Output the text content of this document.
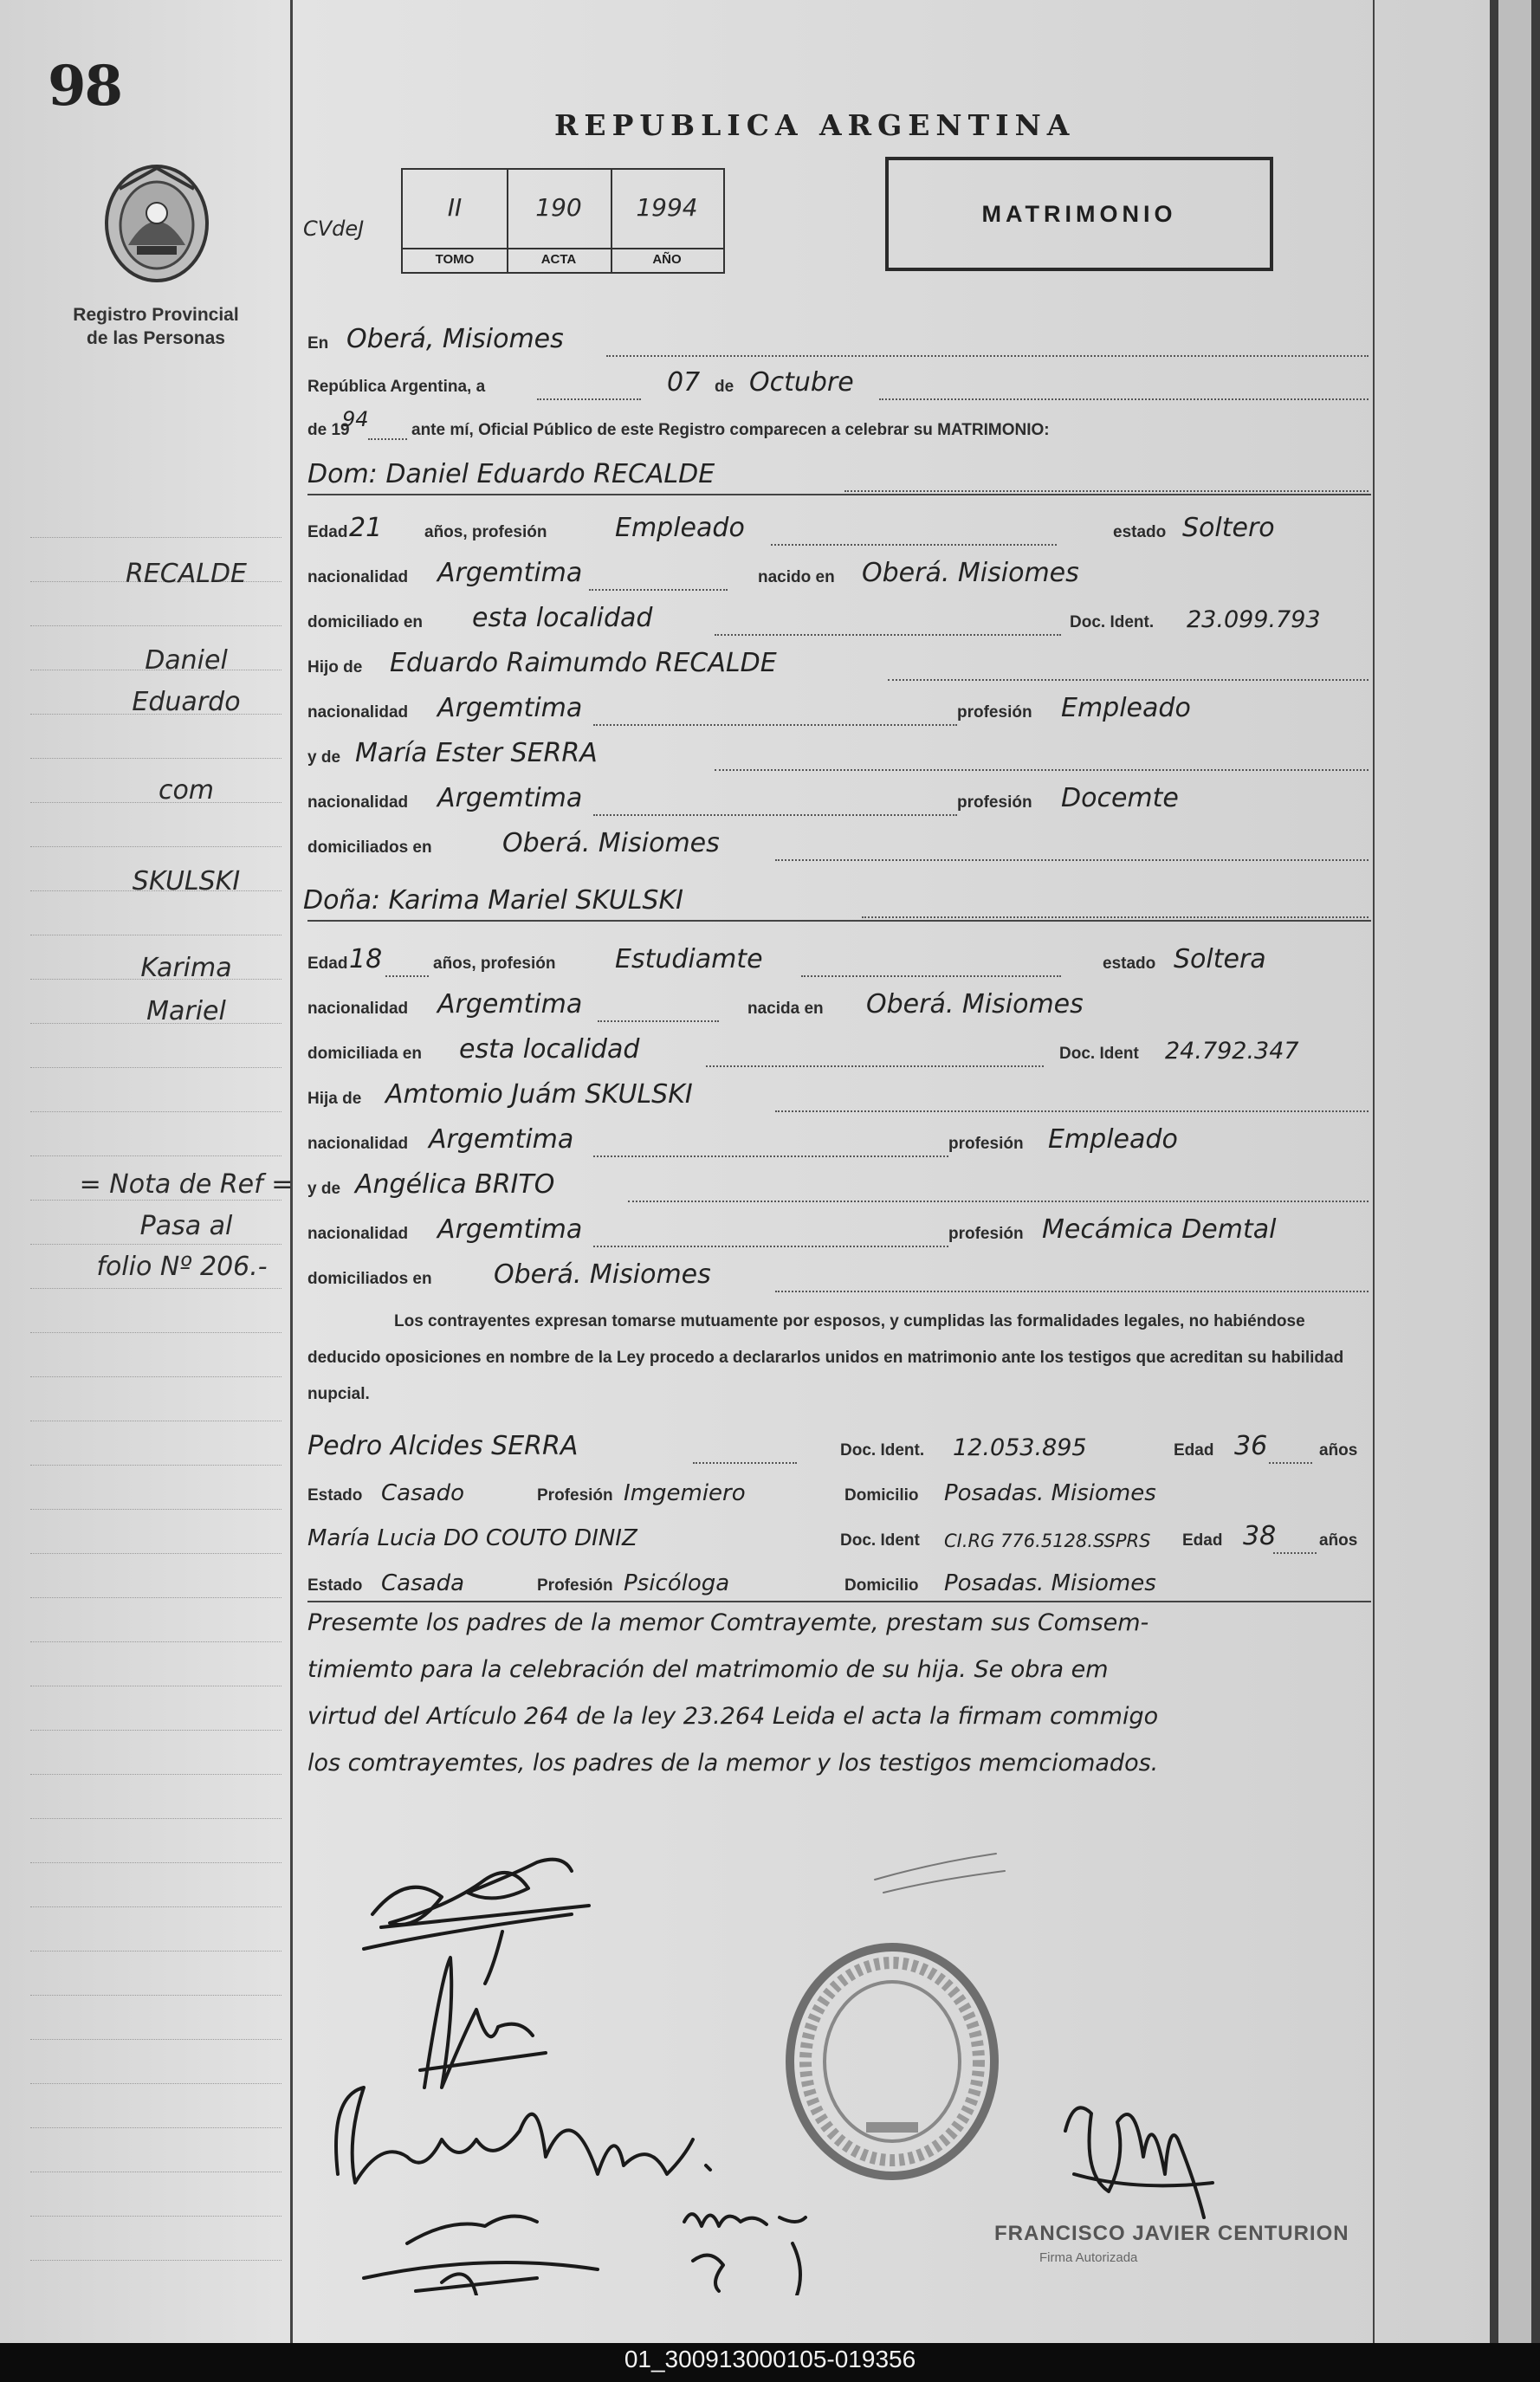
01_300913000105-019356
98
Registro Provincial
de las Personas
RECALDE
Daniel
Eduardo
com
SKULSKI
Karima
Mariel
= Nota de Ref =
Pasa al
folio Nº 206.-
REPUBLICA ARGENTINA
MATRIMONIO
CVdeJ
II	190	1994
TOMO	ACTA	AÑO
En Oberá, Misiomes
República Argentina, a	07 de Octubre
de 19
94	ante mí, Oficial Público de este Registro comparecen a celebrar su MATRIMONIO:
Dom: Daniel Eduardo RECALDE
Edad 21	años, profesión	Empleado	estado Soltero
nacionalidad Argemtima	nacido en Oberá. Misiomes
domiciliado en esta localidad	Doc. Ident. 23.099.793
Hijo de Eduardo Raimumdo RECALDE
nacionalidad Argemtima	profesión Empleado
y de María Ester SERRA
nacionalidad Argemtima	profesión Docemte
domiciliados en	Oberá. Misiomes
Doña: Karima Mariel SKULSKI
Edad 18	años, profesión Estudiamte	estado Soltera
nacionalidad Argemtima	nacida en Oberá. Misiomes
domiciliada en esta localidad	Doc. Ident 24.792.347
Hija de Amtomio Juám SKULSKI
nacionalidad Argemtima	profesión Empleado
y de Angélica BRITO
nacionalidad Argemtima	profesión Mecámica Demtal
domiciliados en Oberá. Misiomes
Los contrayentes expresan tomarse mutuamente por esposos, y cumplidas las formalidades legales, no habiéndose deducido oposiciones en nombre de la Ley procedo a declararlos unidos en matrimonio ante los testigos que acreditan su habilidad nupcial.
Pedro Alcides SERRA	Doc. Ident. 12.053.895	Edad 36	años
Estado Casado	Profesión Imgemiero	Domicilio Posadas. Misiomes
María Lucia DO COUTO DINIZ	Doc. Ident CI.RG 776.5128.SSPRS Edad 38	años
Estado Casada	Profesión Psicóloga	Domicilio Posadas. Misiomes
Presemte los padres de la memor Comtrayemte, prestam sus Comsem-
timiemto para la celebración del matrimomio de su hija. Se obra em
virtud del Artículo 264 de la ley 23.264 Leida el acta la firmam commigo
los comtrayemtes, los padres de la memor y los testigos memciomados.
FRANCISCO JAVIER CENTURION
Firma Autorizada
